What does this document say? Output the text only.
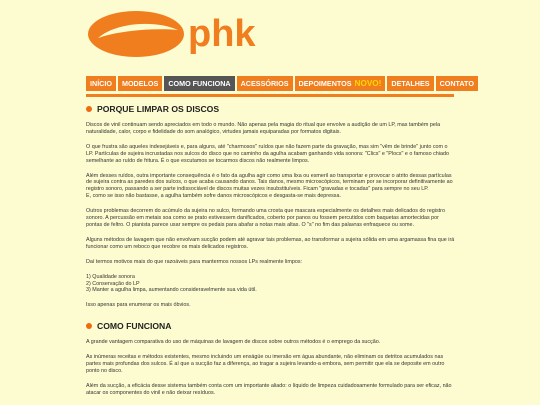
phk
INÍCIO	MODELOS	COMO FUNCIONA	ACESSÓRIOS	DEPOIMENTOS NOVO!	DETALHES	CONTATO
PORQUE LIMPAR OS DISCOS

Discos de vinil continuam sendo apreciados em todo o mundo. Não apenas pela magia do ritual que envolve a audição de um LP, mas também pela naturalidade, calor, corpo e fidelidade do som analógico, virtudes jamais equiparadas por formatos digitais.

O que frustra são aqueles indesejáveis e, para alguns, até "charmosos" ruídos que não fazem parte da gravação, mas sim "vêm de brinde" junto com o LP. Partículas de sujeira incrustadas nos sulcos do disco que no caminho da agulha acabam ganhando vida sonora: "Clics" e "Plocs" e o famoso chiado semelhante ao ruído de fritura. É o que escutamos se tocarmos discos não realmente limpos.

Além desses ruídos, outra importante consequência é o fato da agulha agir como uma lixa ou esmeril ao transportar e provocar o atrito dessas partículas de sujeira contra as paredes dos sulcos, o que acaba causando danos. Tais danos, mesmo microscópicos, terminam por se incorporar definitivamente ao registro sonoro, passando a ser parte indissociável de discos muitas vezes insubstituíveis. Ficam "gravadas e tocadas" para sempre no seu LP.

E, como se isso não bastasse, a agulha também sofre danos microscópicos e desgasta-se mais depressa.

Outros problemas decorrem do acúmulo da sujeira no sulco, formando uma crosta que mascara especialmente os detalhes mais delicados do registro sonoro. A percussão em metais soa como se prato estivessem danificados, coberto por panos ou fossem percutidos com baquetas amortecidas por pontas de feltro. O pianista parece usar sempre os pedais para abafar a notas mais altas. O "s" no fim das palavras enfraquece ou some.

Alguns métodos de lavagem que não envolvam sucção podem até agravar tais problemas, ao transformar a sujeira sólida em uma argamassa fina que irá funcionar como um reboco que recobre os mais delicados registros.

Daí termos motivos mais do que razoáveis para mantermos nossos LPs realmente limpos:

1) Qualidade sonora

2) Conservação do LP

3) Manter a agulha limpa, aumentando consideravelmente sua vida útil.

Isso apenas para enumerar os mais óbvios.

COMO FUNCIONA

A grande vantagem comparativa do uso de máquinas de lavagem de discos sobre outros métodos é o emprego da sucção.

As inúmeras receitas e métodos existentes, mesmo incluindo um enxágüe ou imersão em água abundante, não eliminam os detritos acumulados nas partes mais profundas dos sulcos. É aí que a sucção faz a diferença, ao tragar a sujeira levando-a embora, sem permitir que ela se deposite em outro ponto no disco.

Além da sucção, a eficácia desse sistema também conta com um importante aliado: o líquido de limpeza cuidadosamente formulado para ser eficaz, não atacar os componentes do vinil e não deixar resíduos.
